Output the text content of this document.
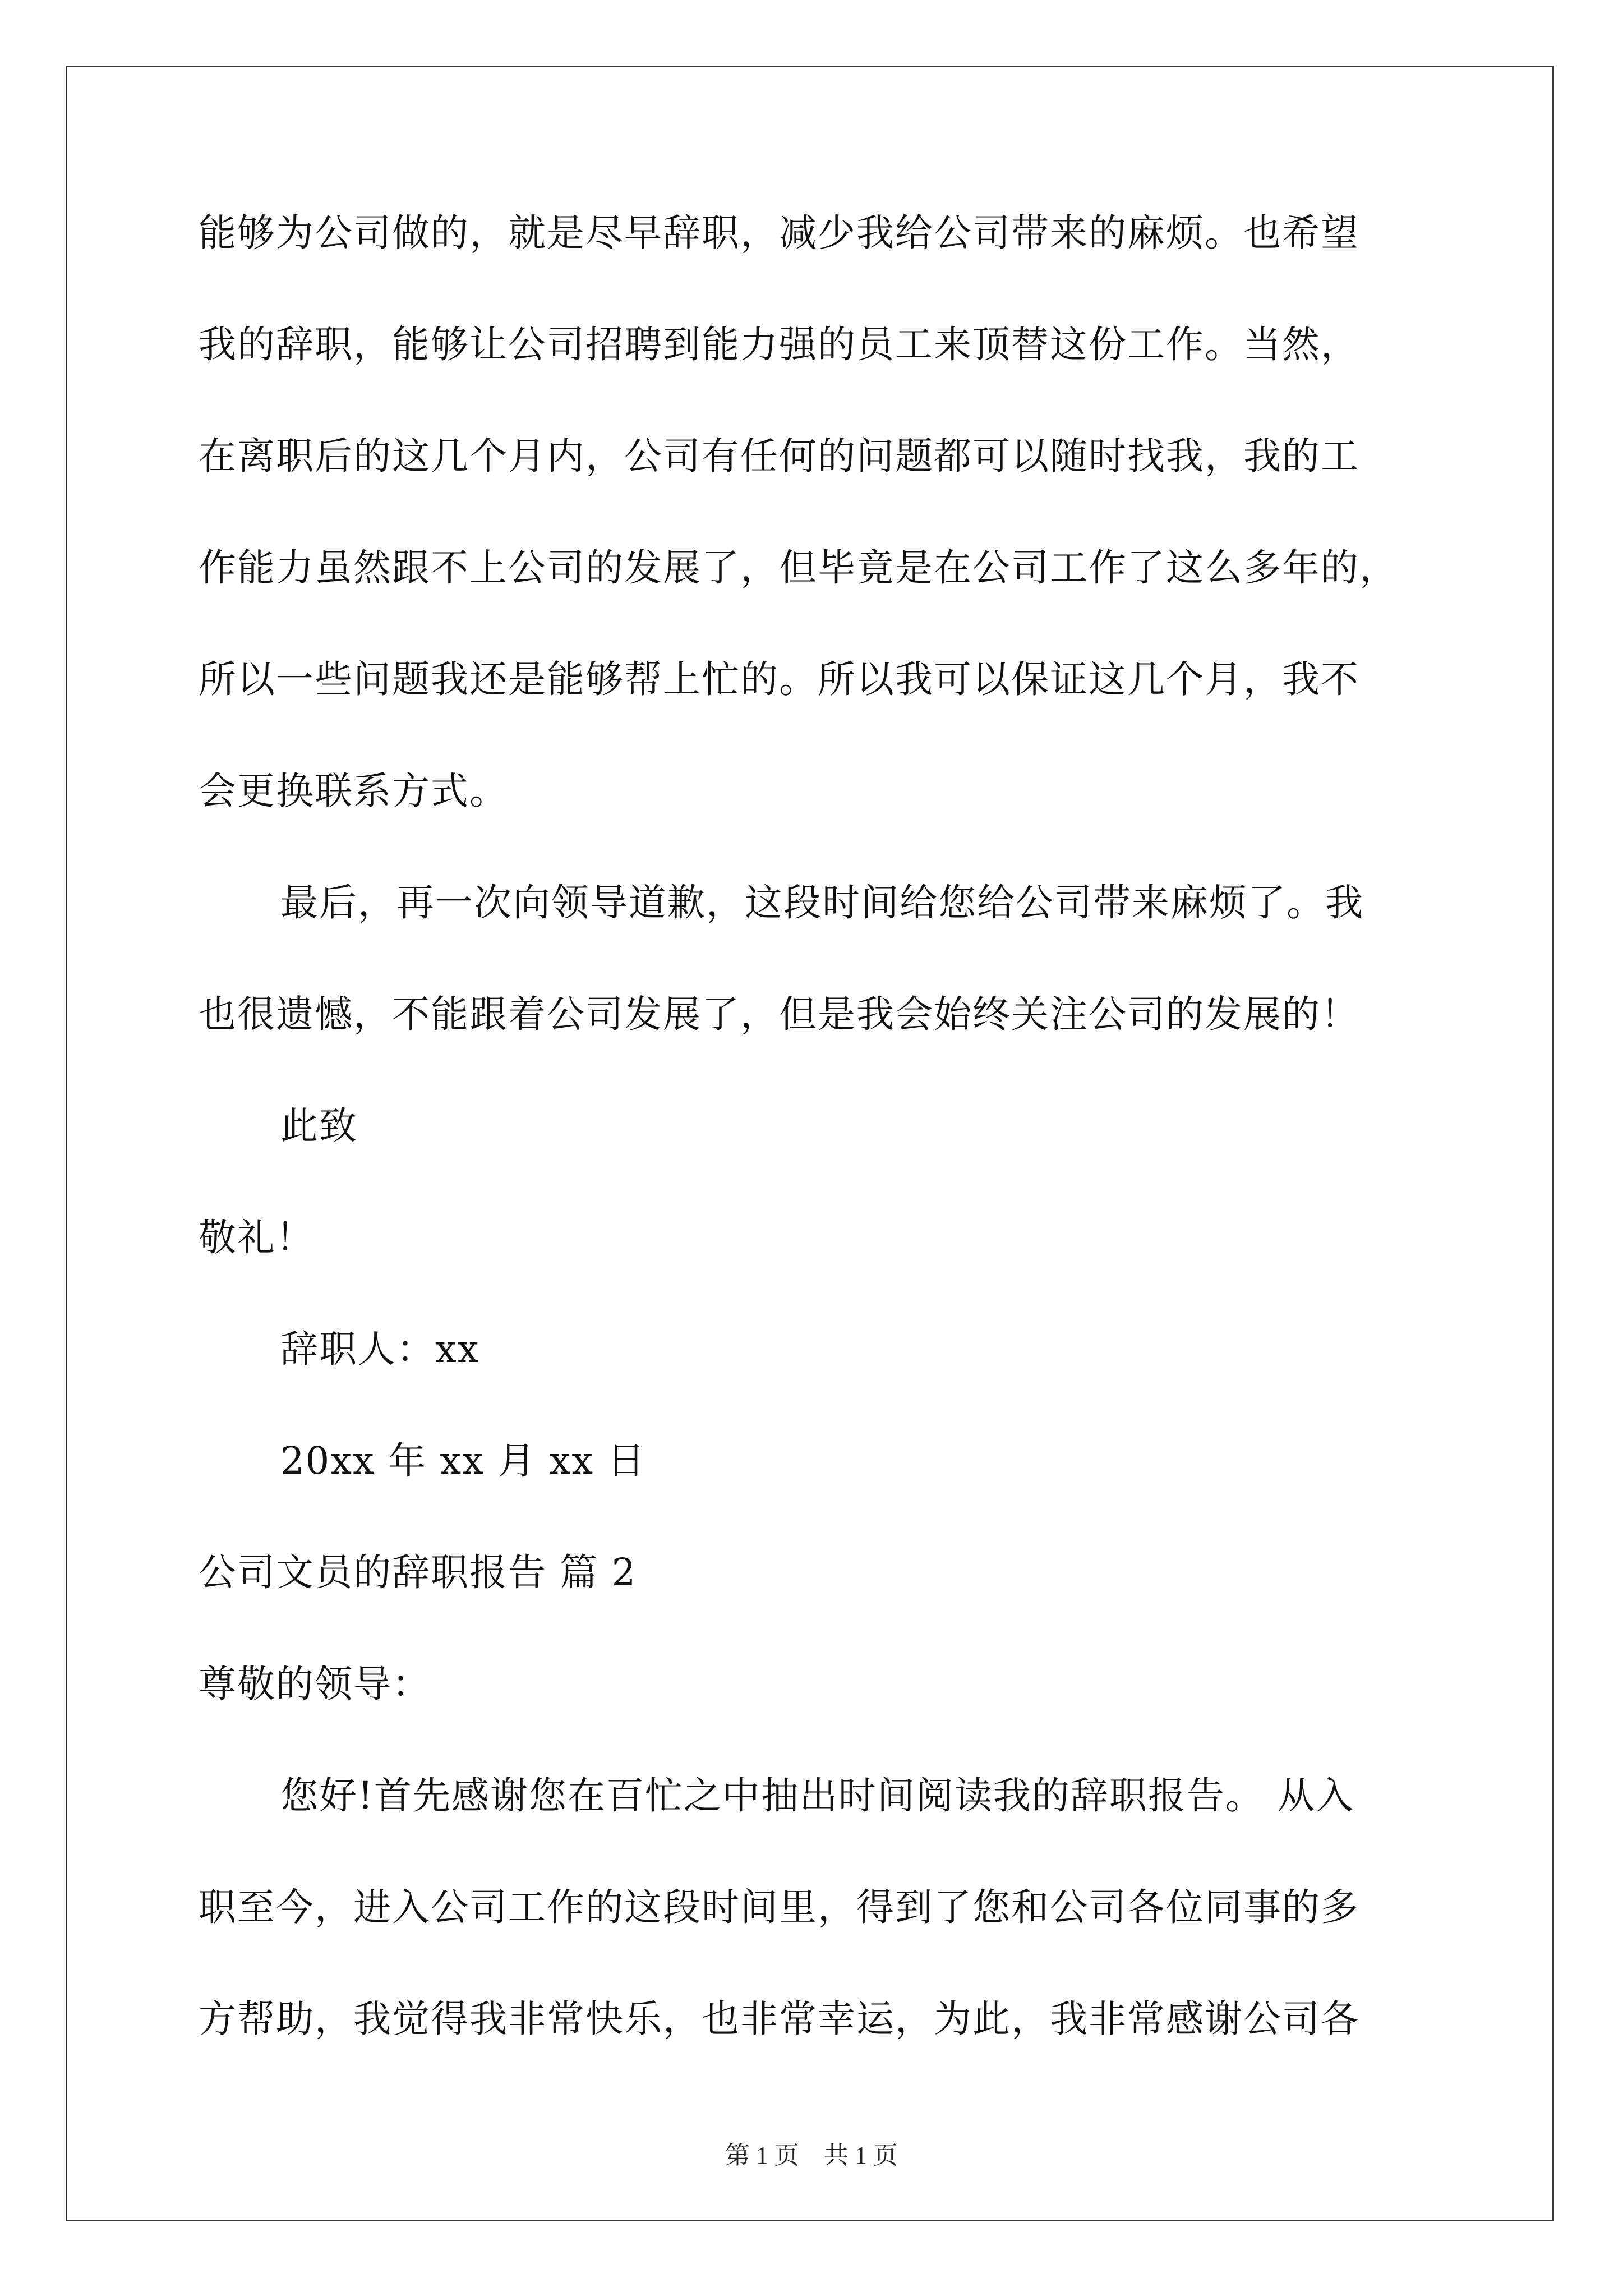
能够为公司做的，就是尽早辞职，减少我给公司带来的麻烦。也希望
我的辞职，能够让公司招聘到能力强的员工来顶替这份工作。当然，
在离职后的这几个月内，公司有任何的问题都可以随时找我，我的工
作能力虽然跟不上公司的发展了，但毕竟是在公司工作了这么多年的，
所以一些问题我还是能够帮上忙的。所以我可以保证这几个月，我不
会更换联系方式。
最后，再一次向领导道歉，这段时间给您给公司带来麻烦了。我
也很遗憾，不能跟着公司发展了，但是我会始终关注公司的发展的！
此致
敬礼！
辞职人：xx
20xx 年 xx 月 xx 日
公司文员的辞职报告 篇 2
尊敬的领导：
您好!首先感谢您在百忙之中抽出时间阅读我的辞职报告。 从入
职至今，进入公司工作的这段时间里，得到了您和公司各位同事的多
方帮助，我觉得我非常快乐，也非常幸运，为此，我非常感谢公司各
第 1 页　共 1 页
